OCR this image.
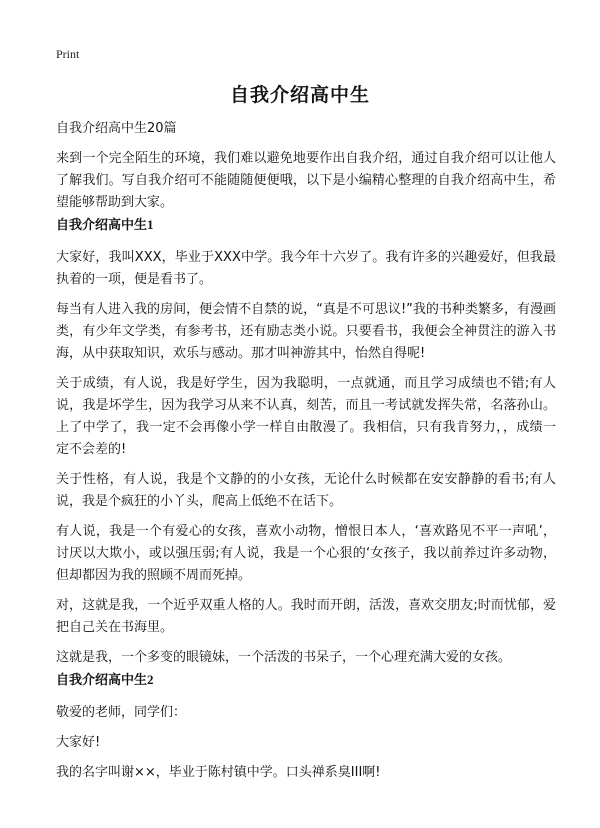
Print
自我介绍高中生

自我介绍高中生20篇

来到一个完全陌生的环境，我们难以避免地要作出自我介绍，通过自我介绍可以让他人了解我们。写自我介绍可不能随随便便哦，以下是小编精心整理的自我介绍高中生，希望能够帮助到大家。

自我介绍高中生1

大家好，我叫XXX，毕业于XXX中学。我今年十六岁了。我有许多的兴趣爱好，但我最执着的一项，便是看书了。

每当有人进入我的房间，便会情不自禁的说，“真是不可思议!”我的书种类繁多，有漫画类，有少年文学类，有参考书，还有励志类小说。只要看书，我便会全神贯注的游入书海，从中获取知识，欢乐与感动。那才叫神游其中，怡然自得呢!

关于成绩，有人说，我是好学生，因为我聪明，一点就通，而且学习成绩也不错;有人说，我是坏学生，因为我学习从来不认真，刻苦，而且一考试就发挥失常，名落孙山。上了中学了，我一定不会再像小学一样自由散漫了。我相信，只有我肯努力，，成绩一定不会差的!

关于性格，有人说，我是个文静的的小女孩，无论什么时候都在安安静静的看书;有人说，我是个疯狂的小丫头，爬高上低绝不在话下。

有人说，我是一个有爱心的女孩，喜欢小动物，憎恨日本人，‘喜欢路见不平一声吼’，讨厌以大欺小，或以强压弱;有人说，我是一个心狠的‘女孩子，我以前养过许多动物，但却都因为我的照顾不周而死掉。

对，这就是我，一个近乎双重人格的人。我时而开朗，活泼，喜欢交朋友;时而忧郁，爱把自己关在书海里。

这就是我，一个多变的眼镜妹，一个活泼的书呆子，一个心理充满大爱的女孩。

自我介绍高中生2

敬爱的老师，同学们：

大家好!

我的名字叫谢××，毕业于陈村镇中学。口头禅系臭III啊!
